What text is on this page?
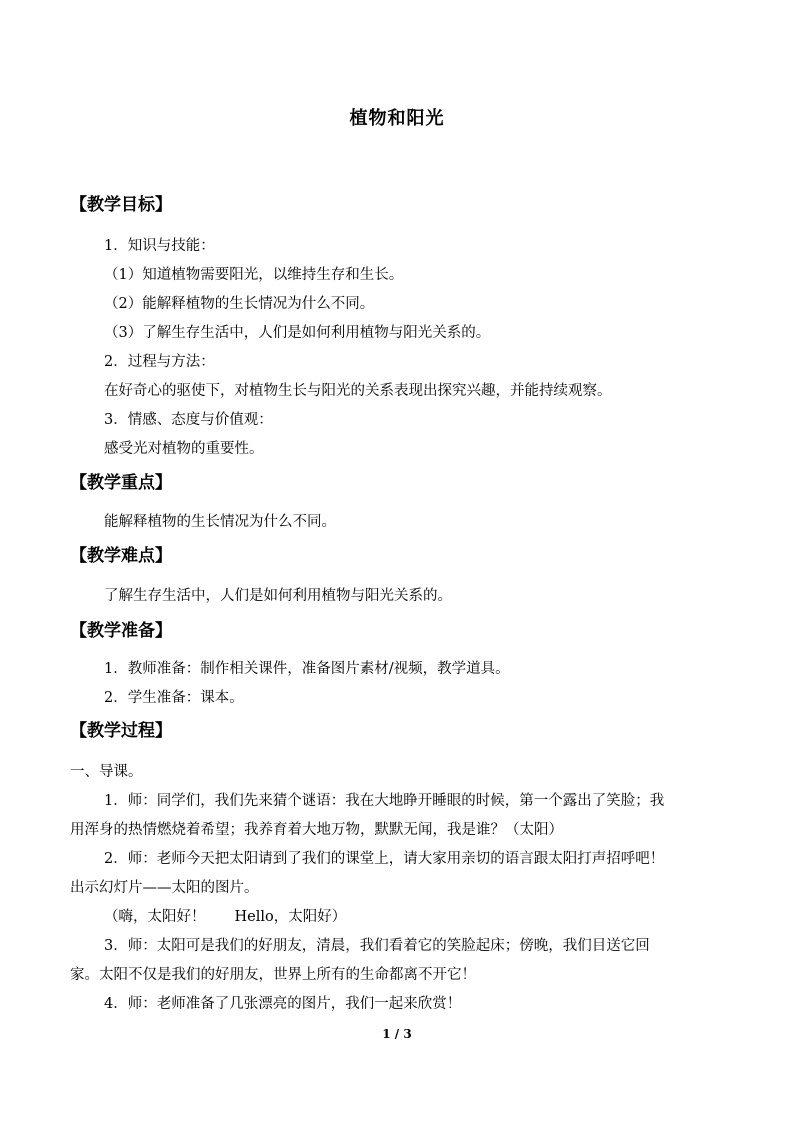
植物和阳光
【教学目标】
1．知识与技能：
（1）知道植物需要阳光，以维持生存和生长。
（2）能解释植物的生长情况为什么不同。
（3）了解生存生活中，人们是如何利用植物与阳光关系的。
2．过程与方法：
在好奇心的驱使下，对植物生长与阳光的关系表现出探究兴趣，并能持续观察。
3．情感、态度与价值观：
感受光对植物的重要性。
【教学重点】
能解释植物的生长情况为什么不同。
【教学难点】
了解生存生活中，人们是如何利用植物与阳光关系的。
【教学准备】
1．教师准备：制作相关课件，准备图片素材/视频，教学道具。
2．学生准备：课本。
【教学过程】
一、导课。
1．师：同学们，我们先来猜个谜语：我在大地睁开睡眼的时候，第一个露出了笑脸；我
用浑身的热情燃烧着希望；我养育着大地万物，默默无闻，我是谁？（太阳）
2．师：老师今天把太阳请到了我们的课堂上，请大家用亲切的语言跟太阳打声招呼吧！
出示幻灯片——太阳的图片。
（嗨，太阳好！　　Hello，太阳好）
3．师：太阳可是我们的好朋友，清晨，我们看着它的笑脸起床；傍晚，我们目送它回
家。太阳不仅是我们的好朋友，世界上所有的生命都离不开它！
4．师：老师准备了几张漂亮的图片，我们一起来欣赏！
1 / 3
